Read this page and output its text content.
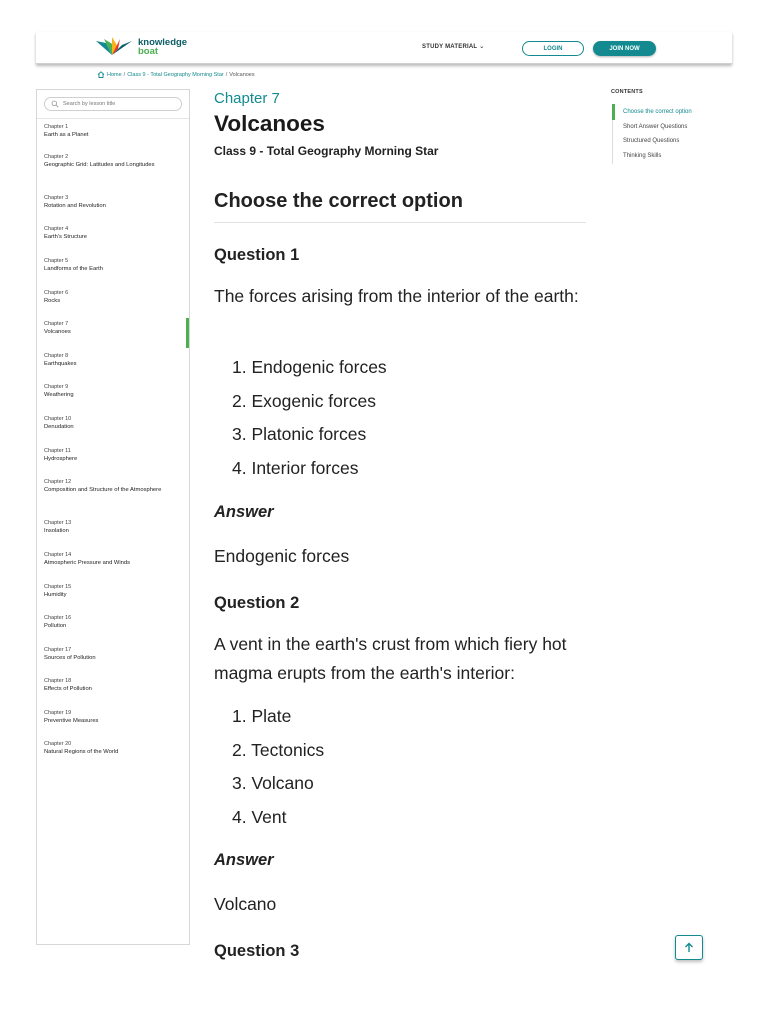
knowledge
boat	STUDY MATERIAL ⌄	LOGIN	JOIN NOW
Home / Class 9 - Total Geography Morning Star / Volcanoes
Search by lesson title
Chapter 1
Earth as a Planet
Chapter 2
Geographic Grid: Latitudes and Longitudes
Chapter 3
Rotation and Revolution
Chapter 4
Earth's Structure
Chapter 5
Landforms of the Earth
Chapter 6
Rocks
Chapter 7
Volcanoes
Chapter 8
Earthquakes
Chapter 9
Weathering
Chapter 10
Denudation
Chapter 11
Hydrosphere
Chapter 12
Composition and Structure of the Atmosphere
Chapter 13
Insolation
Chapter 14
Atmospheric Pressure and Winds
Chapter 15
Humidity
Chapter 16
Pollution
Chapter 17
Sources of Pollution
Chapter 18
Effects of Pollution
Chapter 19
Preventive Measures
Chapter 20
Natural Regions of the World
Chapter 7
Volcanoes
Class 9 - Total Geography Morning Star
Choose the correct option
Question 1
The forces arising from the interior of the earth:
1. Endogenic forces
2. Exogenic forces
3. Platonic forces
4. Interior forces
Answer
Endogenic forces
Question 2
A vent in the earth's crust from which fiery hot magma erupts from the earth's interior:
1. Plate
2. Tectonics
3. Volcano
4. Vent
Answer
Volcano
Question 3
CONTENTS
Choose the correct option
Short Answer Questions
Structured Questions
Thinking Skills
